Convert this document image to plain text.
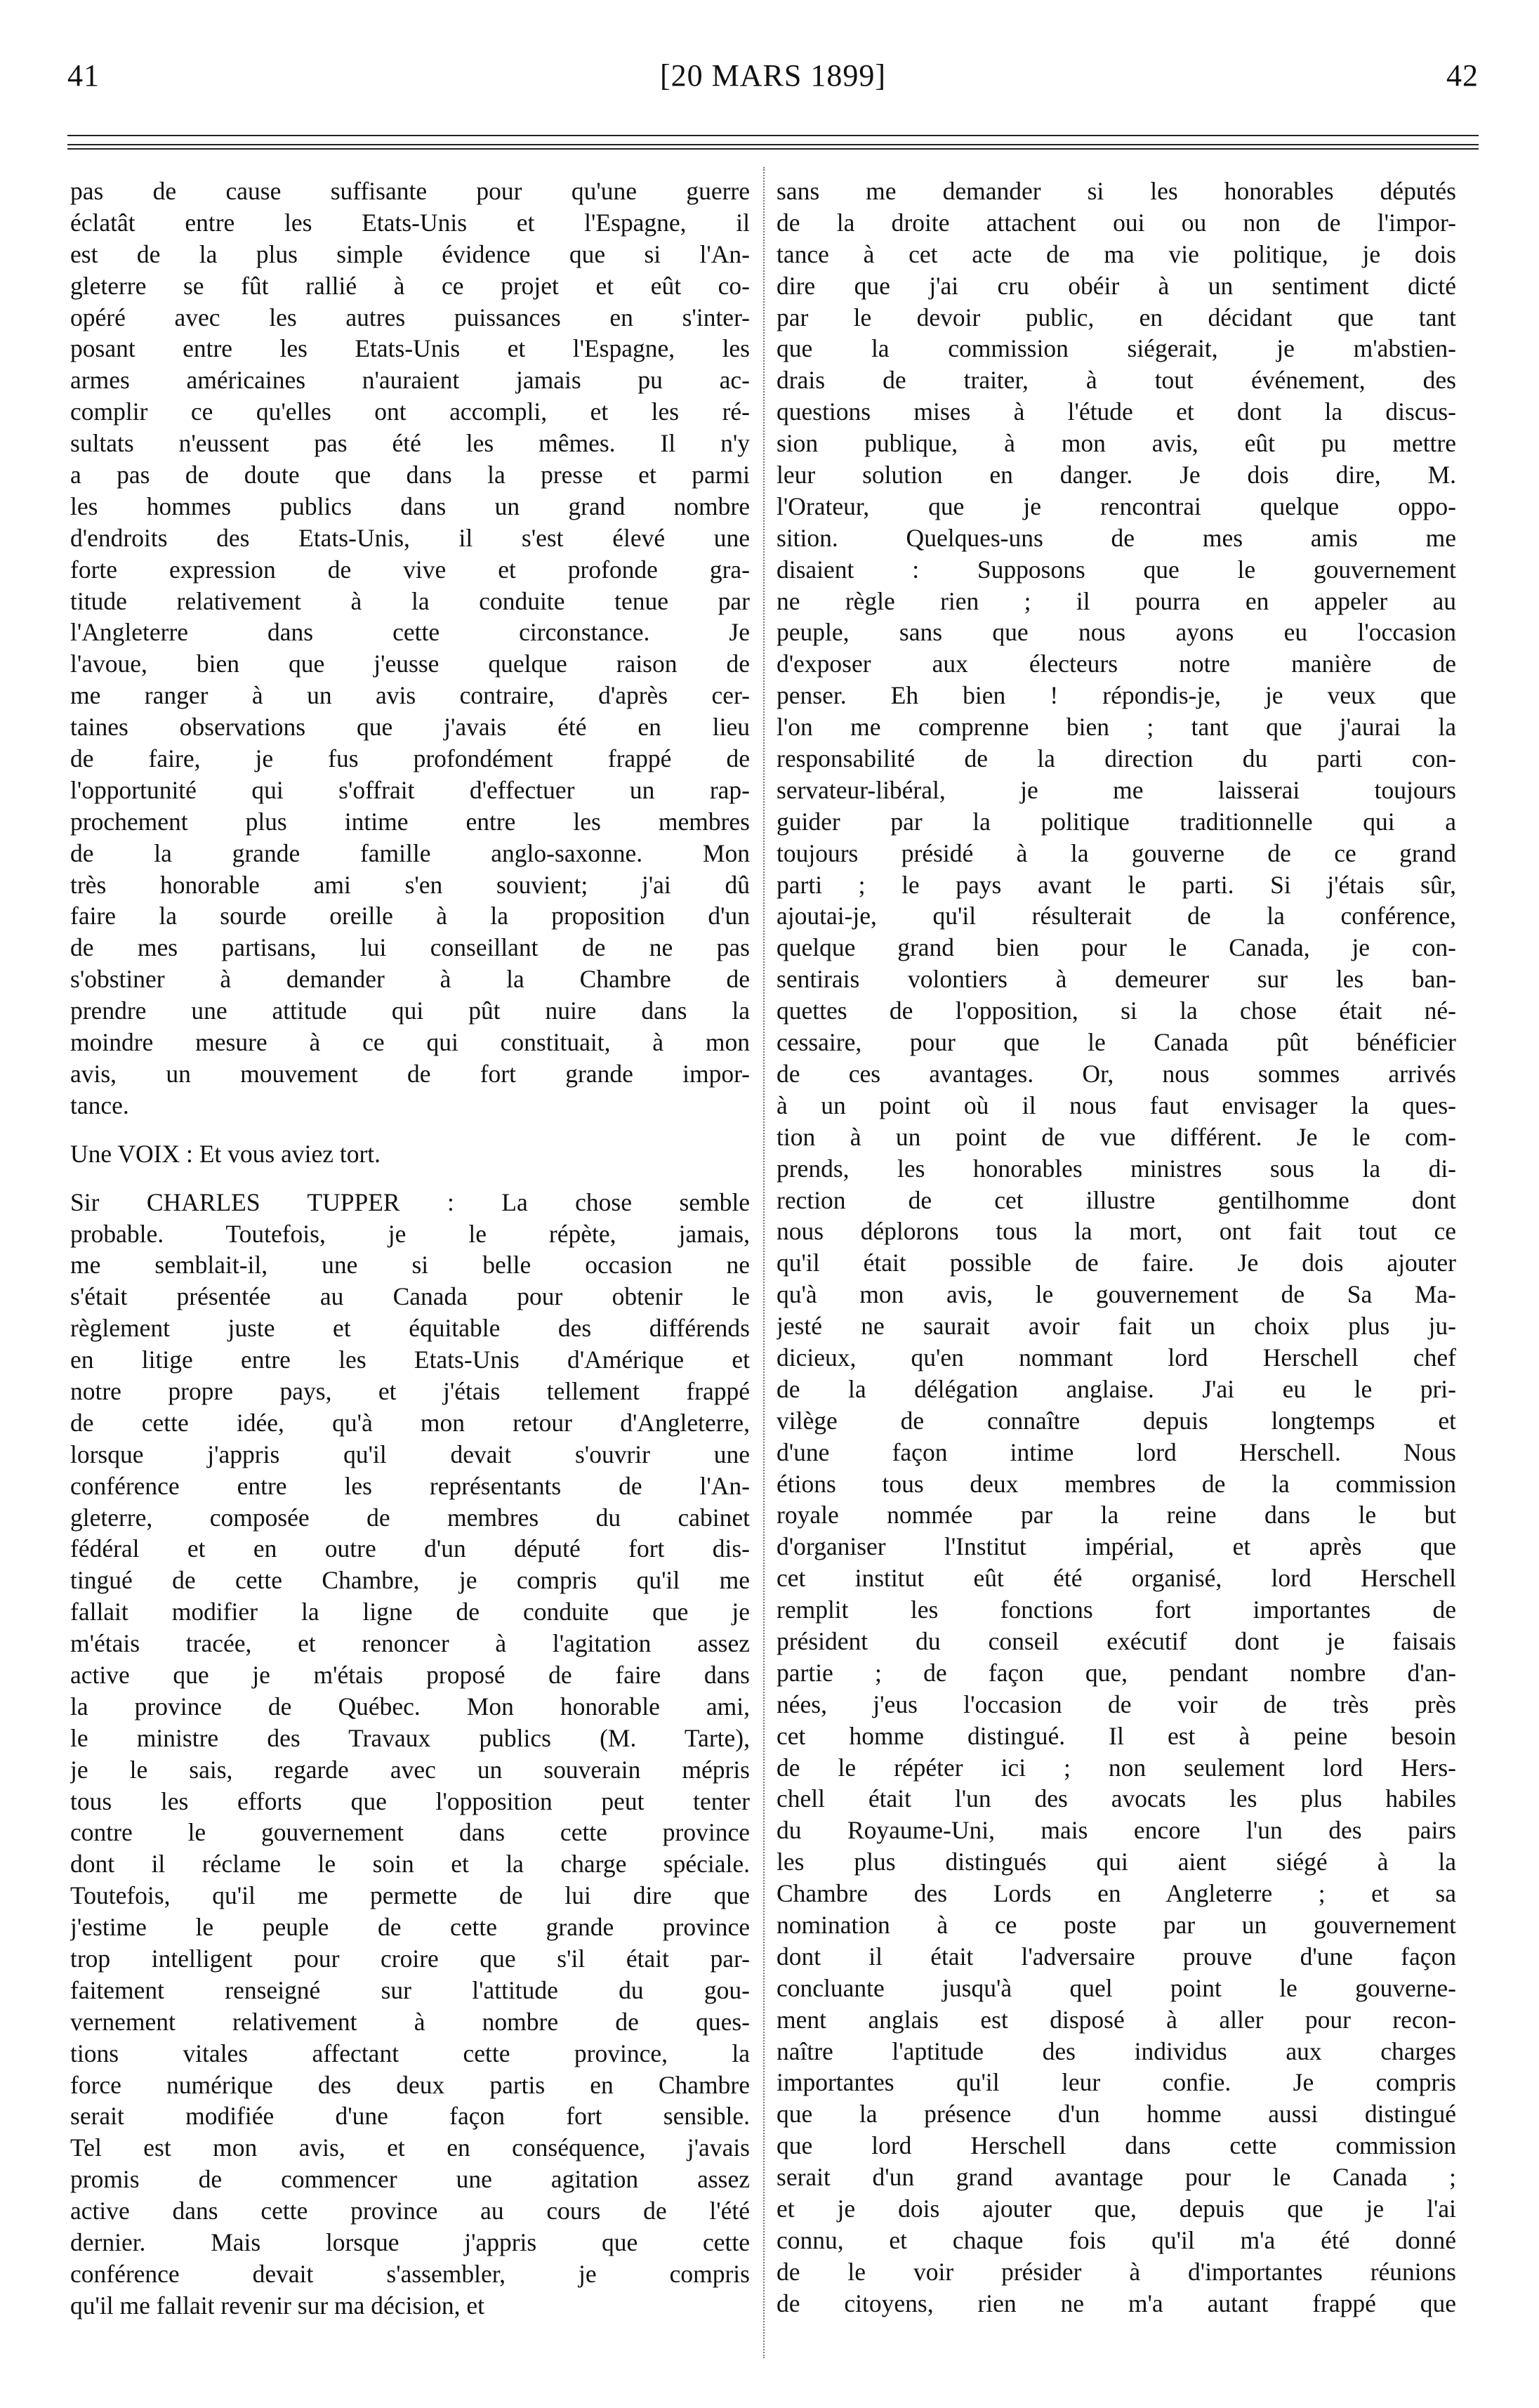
41	[20 MARS 1899]	42
pas de cause suffisante pour qu'une guerre
éclatât entre les Etats-Unis et l'Espagne, il
est de la plus simple évidence que si l'An-
gleterre se fût rallié à ce projet et eût co-
opéré avec les autres puissances en s'inter-
posant entre les Etats-Unis et l'Espagne, les
armes américaines n'auraient jamais pu ac-
complir ce qu'elles ont accompli, et les ré-
sultats n'eussent pas été les mêmes. Il n'y
a pas de doute que dans la presse et parmi
les hommes publics dans un grand nombre
d'endroits des Etats-Unis, il s'est élevé une
forte expression de vive et profonde gra-
titude relativement à la conduite tenue par
l'Angleterre dans cette circonstance. Je
l'avoue, bien que j'eusse quelque raison de
me ranger à un avis contraire, d'après cer-
taines observations que j'avais été en lieu
de faire, je fus profondément frappé de
l'opportunité qui s'offrait d'effectuer un rap-
prochement plus intime entre les membres
de la grande famille anglo-saxonne. Mon
très honorable ami s'en souvient; j'ai dû
faire la sourde oreille à la proposition d'un
de mes partisans, lui conseillant de ne pas
s'obstiner à demander à la Chambre de
prendre une attitude qui pût nuire dans la
moindre mesure à ce qui constituait, à mon
avis, un mouvement de fort grande impor-
tance.
Une VOIX : Et vous aviez tort.
Sir CHARLES TUPPER : La chose semble
probable. Toutefois, je le répète, jamais,
me semblait-il, une si belle occasion ne
s'était présentée au Canada pour obtenir le
règlement juste et équitable des différends
en litige entre les Etats-Unis d'Amérique et
notre propre pays, et j'étais tellement frappé
de cette idée, qu'à mon retour d'Angleterre,
lorsque j'appris qu'il devait s'ouvrir une
conférence entre les représentants de l'An-
gleterre, composée de membres du cabinet
fédéral et en outre d'un député fort dis-
tingué de cette Chambre, je compris qu'il me
fallait modifier la ligne de conduite que je
m'étais tracée, et renoncer à l'agitation assez
active que je m'étais proposé de faire dans
la province de Québec. Mon honorable ami,
le ministre des Travaux publics (M. Tarte),
je le sais, regarde avec un souverain mépris
tous les efforts que l'opposition peut tenter
contre le gouvernement dans cette province
dont il réclame le soin et la charge spéciale.
Toutefois, qu'il me permette de lui dire que
j'estime le peuple de cette grande province
trop intelligent pour croire que s'il était par-
faitement renseigné sur l'attitude du gou-
vernement relativement à nombre de ques-
tions vitales affectant cette province, la
force numérique des deux partis en Chambre
serait modifiée d'une façon fort sensible.
Tel est mon avis, et en conséquence, j'avais
promis de commencer une agitation assez
active dans cette province au cours de l'été
dernier. Mais lorsque j'appris que cette
conférence devait s'assembler, je compris
qu'il me fallait revenir sur ma décision, et
sans me demander si les honorables députés
de la droite attachent oui ou non de l'impor-
tance à cet acte de ma vie politique, je dois
dire que j'ai cru obéir à un sentiment dicté
par le devoir public, en décidant que tant
que la commission siégerait, je m'abstien-
drais de traiter, à tout événement, des
questions mises à l'étude et dont la discus-
sion publique, à mon avis, eût pu mettre
leur solution en danger. Je dois dire, M.
l'Orateur, que je rencontrai quelque oppo-
sition. Quelques-uns de mes amis me
disaient : Supposons que le gouvernement
ne règle rien ; il pourra en appeler au
peuple, sans que nous ayons eu l'occasion
d'exposer aux électeurs notre manière de
penser. Eh bien ! répondis-je, je veux que
l'on me comprenne bien ; tant que j'aurai la
responsabilité de la direction du parti con-
servateur-libéral, je me laisserai toujours
guider par la politique traditionnelle qui a
toujours présidé à la gouverne de ce grand
parti ; le pays avant le parti. Si j'étais sûr,
ajoutai-je, qu'il résulterait de la conférence,
quelque grand bien pour le Canada, je con-
sentirais volontiers à demeurer sur les ban-
quettes de l'opposition, si la chose était né-
cessaire, pour que le Canada pût bénéficier
de ces avantages. Or, nous sommes arrivés
à un point où il nous faut envisager la ques-
tion à un point de vue différent. Je le com-
prends, les honorables ministres sous la di-
rection de cet illustre gentilhomme dont
nous déplorons tous la mort, ont fait tout ce
qu'il était possible de faire. Je dois ajouter
qu'à mon avis, le gouvernement de Sa Ma-
jesté ne saurait avoir fait un choix plus ju-
dicieux, qu'en nommant lord Herschell chef
de la délégation anglaise. J'ai eu le pri-
vilège de connaître depuis longtemps et
d'une façon intime lord Herschell. Nous
étions tous deux membres de la commission
royale nommée par la reine dans le but
d'organiser l'Institut impérial, et après que
cet institut eût été organisé, lord Herschell
remplit les fonctions fort importantes de
président du conseil exécutif dont je faisais
partie ; de façon que, pendant nombre d'an-
nées, j'eus l'occasion de voir de très près
cet homme distingué. Il est à peine besoin
de le répéter ici ; non seulement lord Hers-
chell était l'un des avocats les plus habiles
du Royaume-Uni, mais encore l'un des pairs
les plus distingués qui aient siégé à la
Chambre des Lords en Angleterre ; et sa
nomination à ce poste par un gouvernement
dont il était l'adversaire prouve d'une façon
concluante jusqu'à quel point le gouverne-
ment anglais est disposé à aller pour recon-
naître l'aptitude des individus aux charges
importantes qu'il leur confie. Je compris
que la présence d'un homme aussi distingué
que lord Herschell dans cette commission
serait d'un grand avantage pour le Canada ;
et je dois ajouter que, depuis que je l'ai
connu, et chaque fois qu'il m'a été donné
de le voir présider à d'importantes réunions
de citoyens, rien ne m'a autant frappé que
